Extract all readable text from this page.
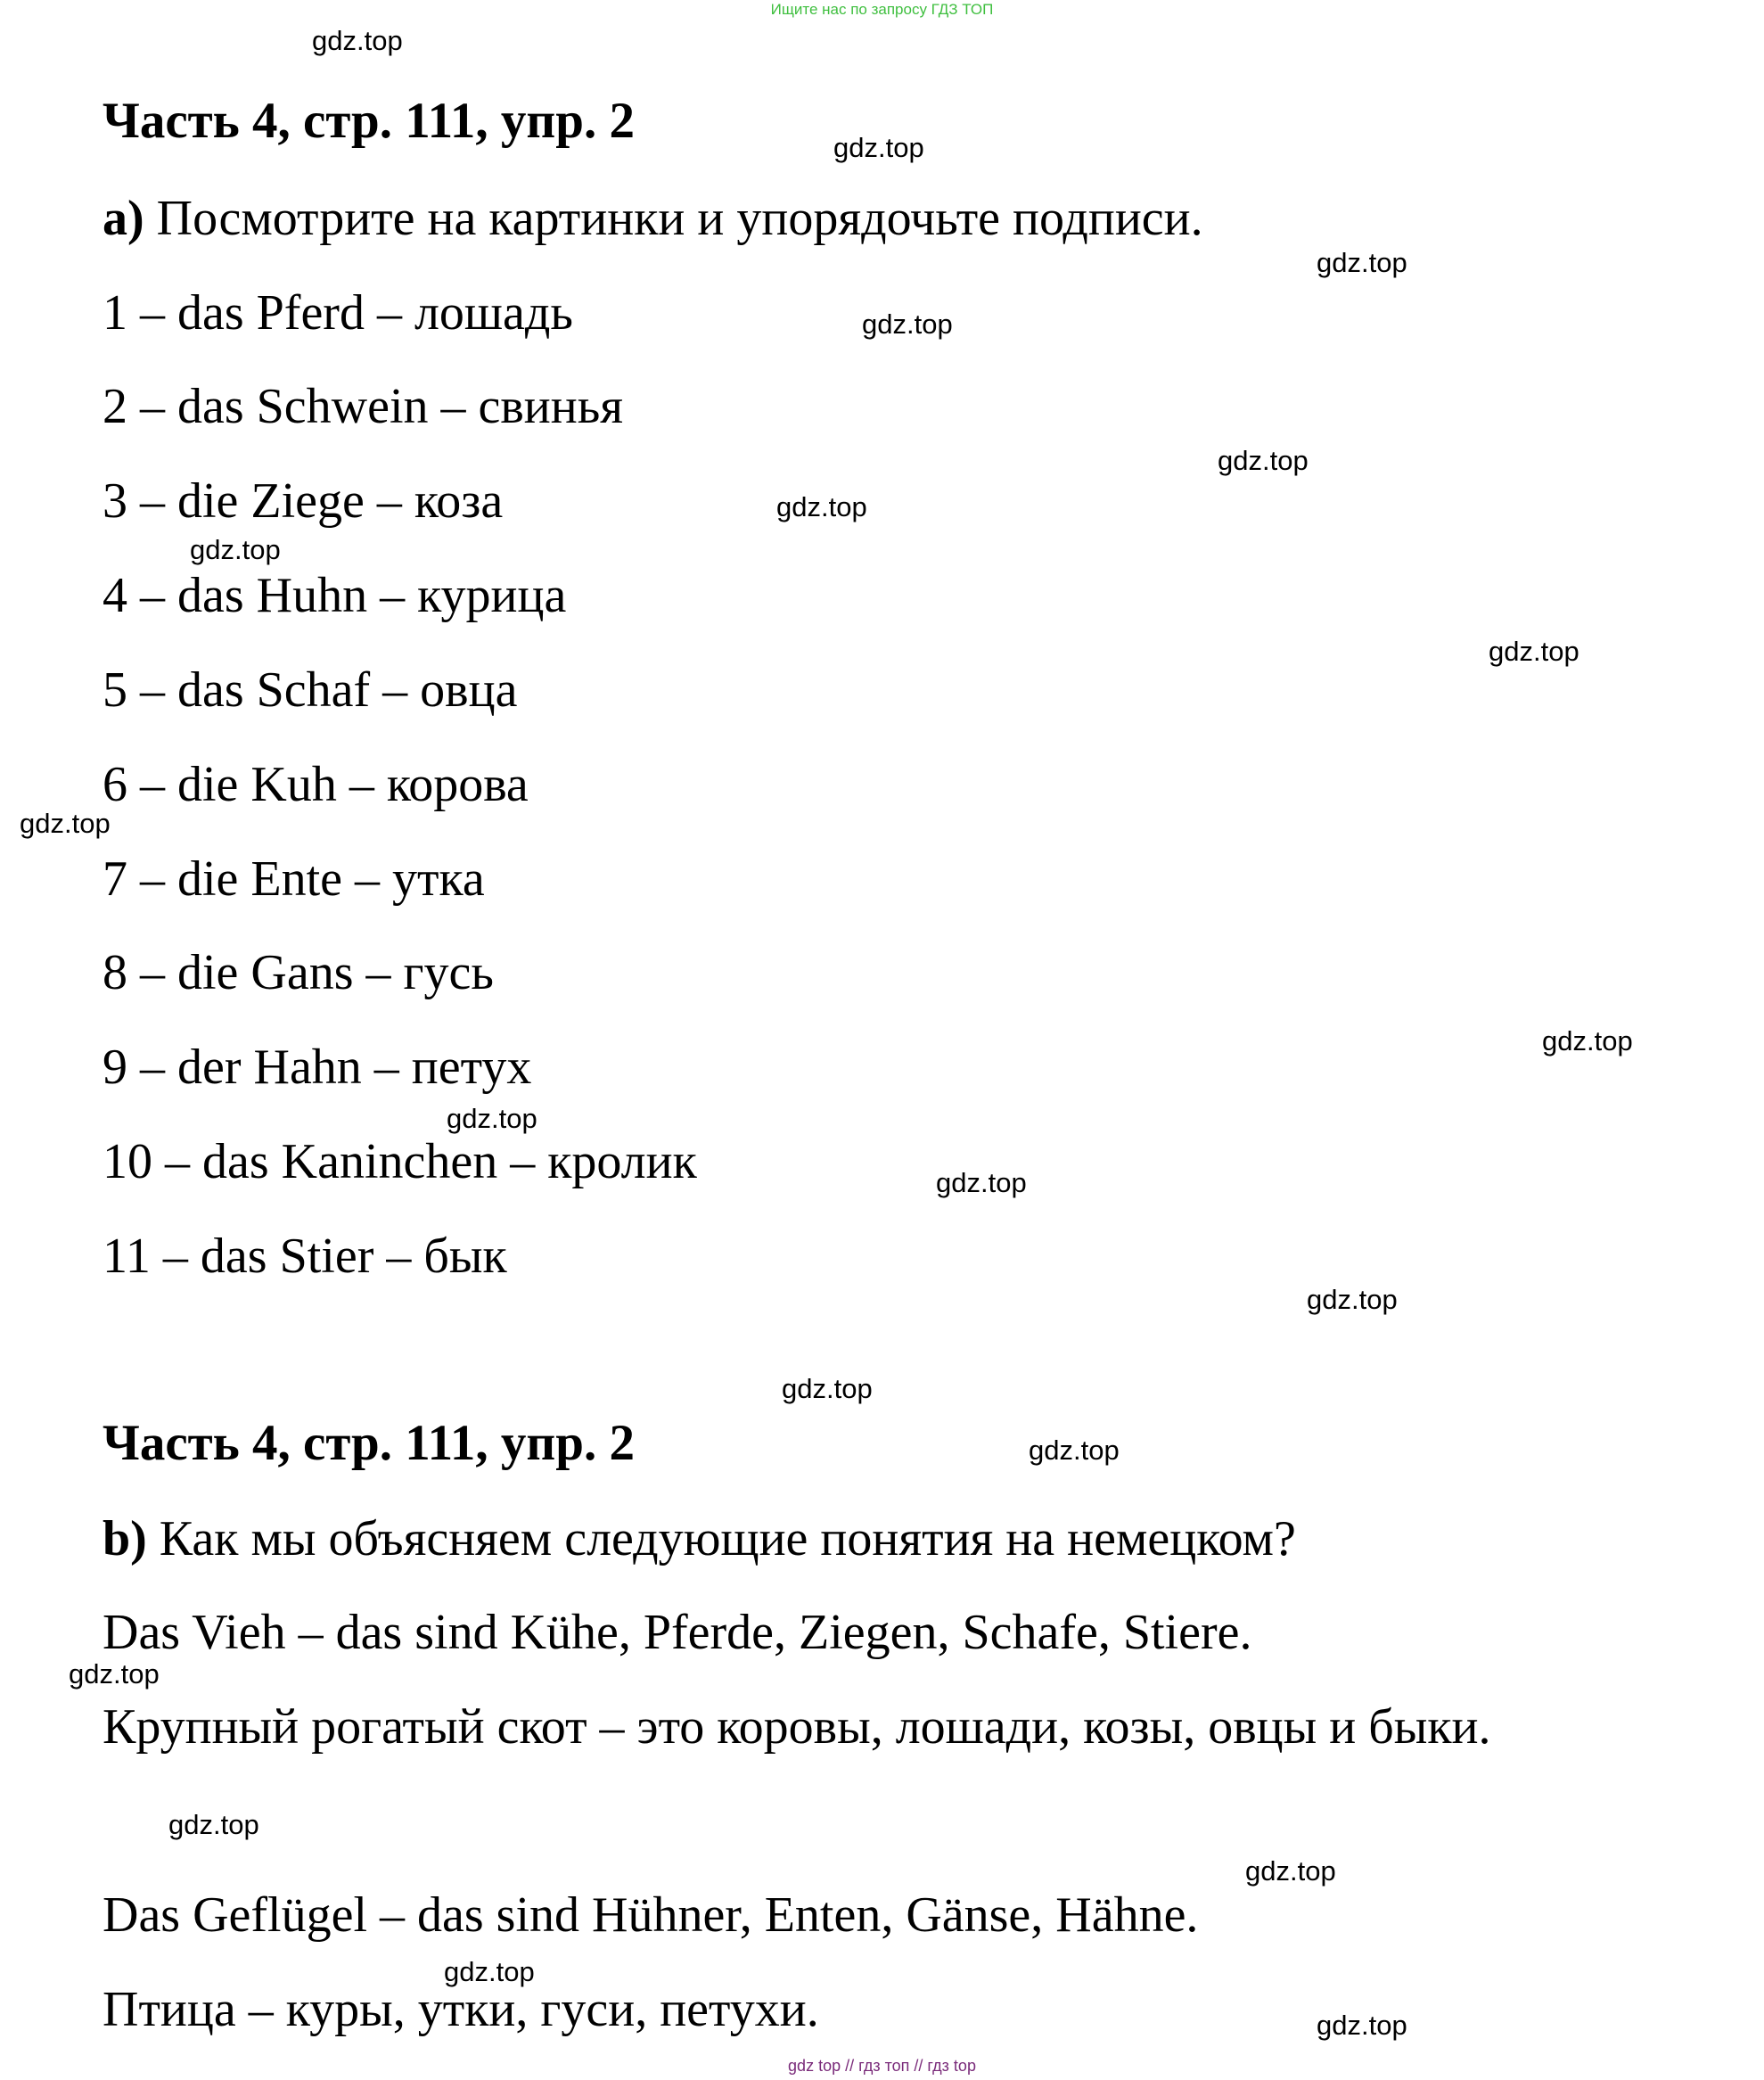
Ищите нас по запросу ГДЗ ТОП
Часть 4, стр. 111, упр. 2

a) Посмотрите на картинки и упорядочьте подписи.

1 – das Pferd – лошадь

2 – das Schwein – свинья

3 – die Ziege – коза

4 – das Huhn – курица

5 – das Schaf – овца

6 – die Kuh – корова

7 – die Ente – утка

8 – die Gans – гусь

9 – der Hahn – петух

10 – das Kaninchen – кролик

11 – das Stier – бык

Часть 4, стр. 111, упр. 2

b) Как мы объясняем следующие понятия на немецком?

Das Vieh – das sind Kühe, Pferde, Ziegen, Schafe, Stiere.

Крупный рогатый скот – это коровы, лошади, козы, овцы и быки.

Das Geflügel – das sind Hühner, Enten, Gänse, Hähne.

Птица – куры, утки, гуси, петухи.

gdz.top
gdz.top
gdz.top
gdz.top
gdz.top
gdz.top
gdz.top
gdz.top
gdz.top
gdz.top
gdz.top
gdz.top
gdz.top
gdz.top
gdz.top
gdz.top
gdz.top
gdz.top
gdz.top
gdz.top
gdz top // гдз топ // гдз top
